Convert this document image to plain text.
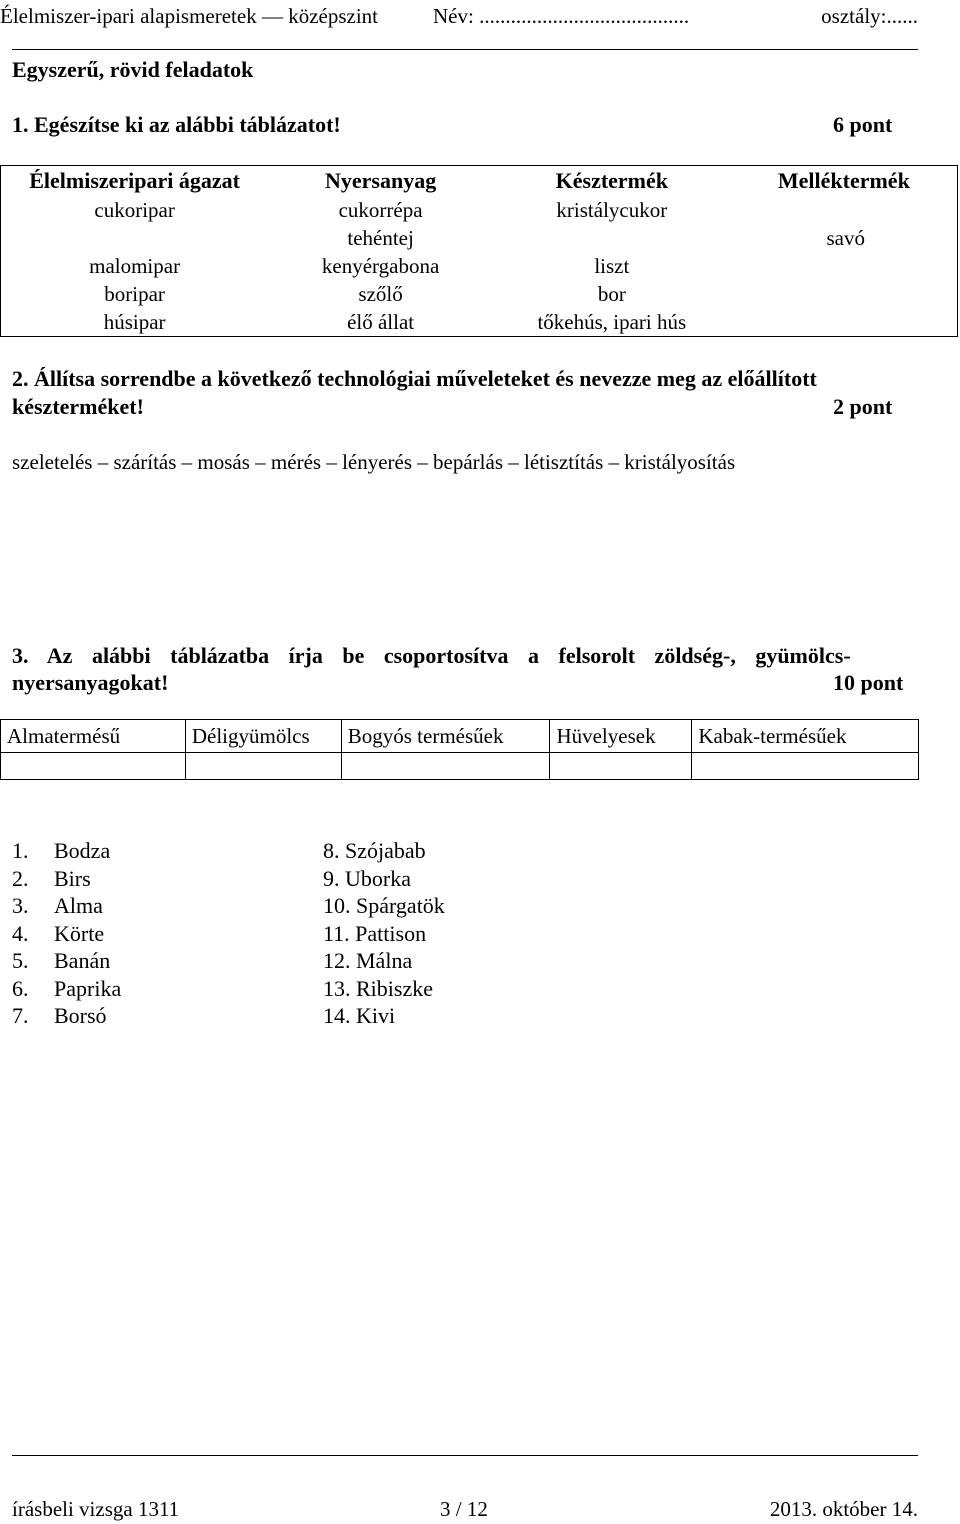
Élelmiszer-ipari alapismeretek — középszint	Név: ........................................	osztály:......
Egyszerű, rövid feladatok
1. Egészítse ki az alábbi táblázatot!	6 pont
Élelmiszeripari ágazat	Nyersanyag	Késztermék	Melléktermék
cukoripar	cukorrépa	kristálycukor	
	tehéntej		savó
malomipar	kenyérgabona	liszt	
boripar	szőlő	bor	
húsipar	élő állat	tőkehús, ipari hús	
2. Állítsa sorrendbe a következő technológiai műveleteket és nevezze meg az előállított
készterméket!	2 pont
szeletelés – szárítás – mosás – mérés – lényerés – bepárlás – létisztítás – kristályosítás
3. Az alábbi táblázatba írja be csoportosítva a felsorolt zöldség-, gyümölcs-
nyersanyagokat!	10 pont
Almatermésű	Déligyümölcs	Bogyós termésűek	Hüvelyesek	Kabak-termésűek

1.
2.
3.
4.
5.
6.
7.
Bodza
Birs
Alma
Körte
Banán
Paprika
Borsó
8. Szójabab
9. Uborka
10. Spárgatök
11. Pattison
12. Málna
13. Ribiszke
14. Kivi
írásbeli vizsga 1311	3 / 12	2013. október 14.
